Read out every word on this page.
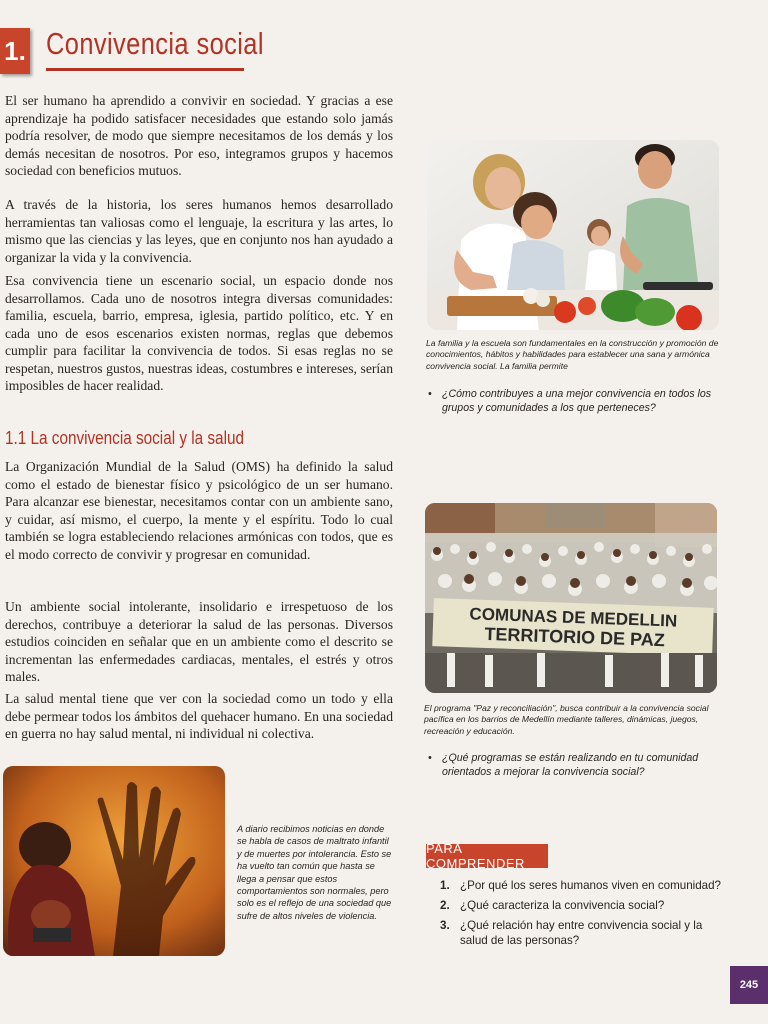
1. Convivencia social

El ser humano ha aprendido a convivir en sociedad. Y gracias a ese aprendizaje ha podido satisfacer necesidades que estando solo jamás podría resolver, de modo que siempre necesitamos de los demás y los demás necesitan de nosotros. Por eso, integramos grupos y hacemos sociedad con beneficios mutuos.

A través de la historia, los seres humanos hemos desarrollado herramientas tan valiosas como el lenguaje, la escritura y las artes, lo mismo que las ciencias y las leyes, que en conjunto nos han ayudado a organizar la vida y la convivencia.

Esa convivencia tiene un escenario social, un espacio donde nos desarrollamos. Cada uno de nosotros integra diversas comunidades: familia, escuela, barrio, empresa, iglesia, partido político, etc. Y en cada uno de esos escenarios existen normas, reglas que debemos cumplir para facilitar la convivencia de todos. Si esas reglas no se respetan, nuestros gustos, nuestras ideas, costumbres e intereses, serían imposibles de hacer realidad.

1.1 La convivencia social y la salud

La Organización Mundial de la Salud (OMS) ha definido la salud como el estado de bienestar físico y psicológico de un ser humano. Para alcanzar ese bienestar, necesitamos contar con un ambiente sano, y cuidar, así mismo, el cuerpo, la mente y el espíritu. Todo lo cual también se logra estableciendo relaciones armónicas con todos, que es el modo correcto de convivir y progresar en comunidad.

Un ambiente social intolerante, insolidario e irrespetuoso de los derechos, contribuye a deteriorar la salud de las personas. Diversos estudios coinciden en señalar que en un ambiente como el descrito se incrementan las enfermedades cardiacas, mentales, el estrés y otros males.

La salud mental tiene que ver con la sociedad como un todo y ella debe permear todos los ámbitos del quehacer humano. En una sociedad en guerra no hay salud mental, ni individual ni colectiva.

La familia y la escuela son fundamentales en la construcción y promoción de conocimientos, hábitos y habilidades para establecer una sana y armónica convivencia social. La familia permite

• ¿Cómo contribuyes a una mejor convivencia en todos los grupos y comunidades a los que perteneces?

COMUNAS DE MEDELLIN
TERRITORIO DE PAZ

El programa "Paz y reconciliación", busca contribuir a la convivencia social pacífica en los barrios de Medellín mediante talleres, dinámicas, juegos, recreación y educación.

• ¿Qué programas se están realizando en tu comunidad orientados a mejorar la convivencia social?

A diario recibimos noticias en donde se habla de casos de maltrato infantil y de muertes por intolerancia. Esto se ha vuelto tan común que hasta se llega a pensar que estos comportamientos son normales, pero solo es el reflejo de una sociedad que sufre de altos niveles de violencia.

PARA COMPRENDER
1. ¿Por qué los seres humanos viven en comunidad?
2. ¿Qué caracteriza la convivencia social?
3. ¿Qué relación hay entre convivencia social y la salud de las personas?
245
